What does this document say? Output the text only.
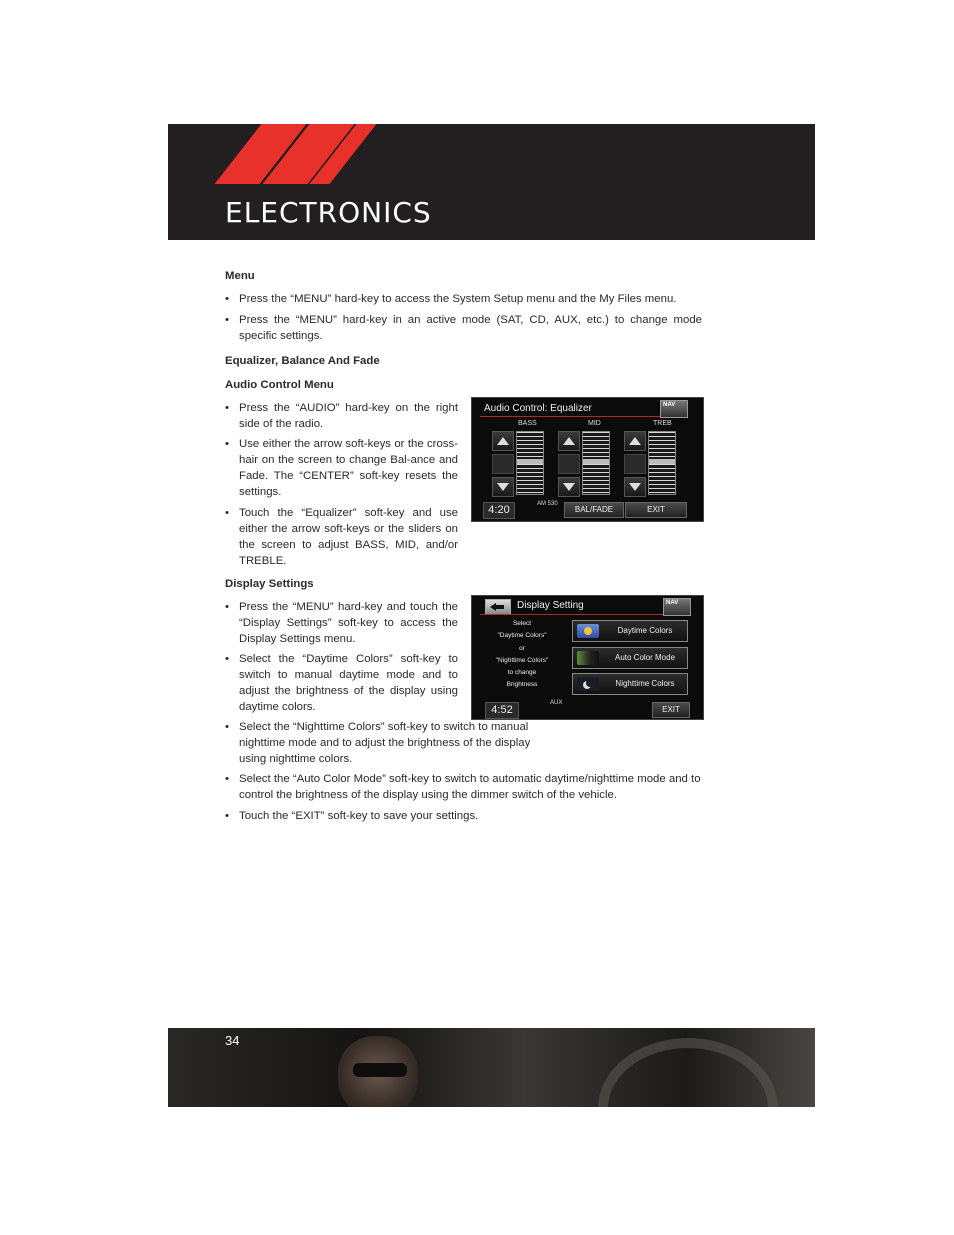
ELECTRONICS
Menu
• Press the “MENU” hard-key to access the System Setup menu and the My Files menu.
• Press the “MENU” hard-key in an active mode (SAT, CD, AUX, etc.) to change mode specific settings.
Equalizer, Balance And Fade
Audio Control Menu
• Press the “AUDIO” hard-key on the right side of the radio.
• Use either the arrow soft-keys or the cross-hair on the screen to change Bal-ance and Fade. The “CENTER” soft-key resets the settings.
• Touch the “Equalizer” soft-key and use either the arrow soft-keys or the sliders on the screen to adjust BASS, MID, and/or TREBLE.
Display Settings
• Press the “MENU” hard-key and touch the “Display Settings” soft-key to access the Display Settings menu.
• Select the “Daytime Colors” soft-key to switch to manual daytime mode and to adjust the brightness of the display using daytime colors.
• Select the “Nighttime Colors” soft-key to switch to manual nighttime mode and to adjust the brightness of the display using nighttime colors.
• Select the “Auto Color Mode” soft-key to switch to automatic daytime/nighttime mode and to control the brightness of the display using the dimmer switch of the vehicle.
• Touch the “EXIT” soft-key to save your settings.
Audio Control: Equalizer	NAV
BASS	MID	TREB
4:20	AM 530
BAL/FADE	EXIT
Display Setting	NAV
Select
"Daytime Colors"
or
"Nighttime Colors"
to change
Brightness
Daytime Colors
Auto Color Mode
Nighttime Colors
4:52
AUX
EXIT
34
